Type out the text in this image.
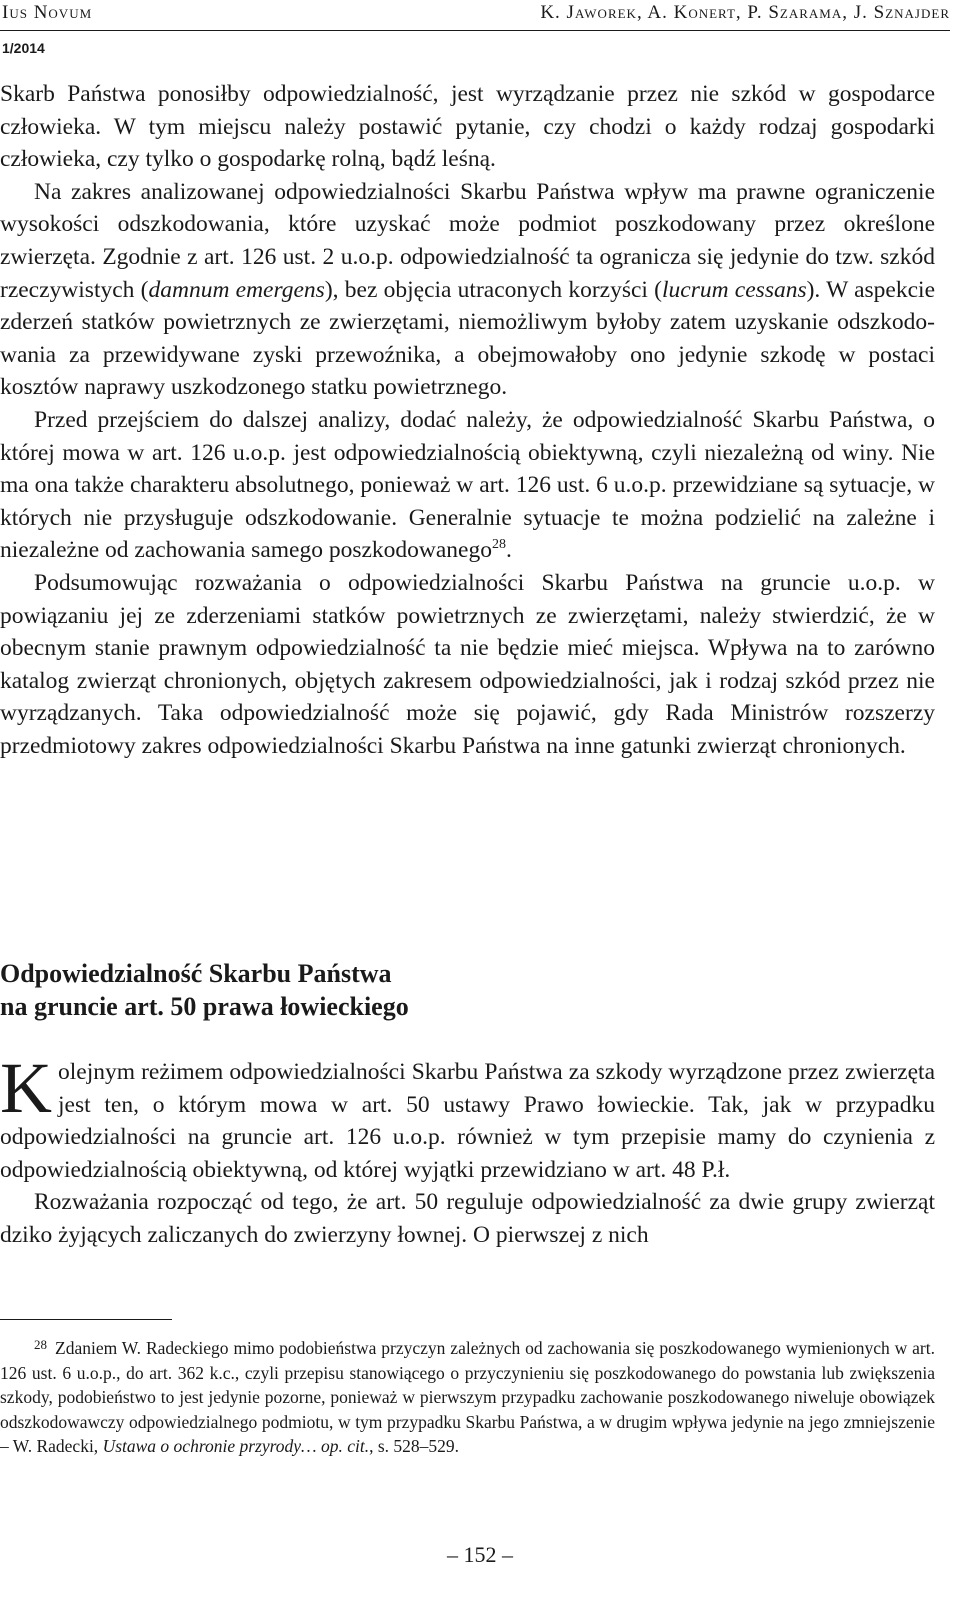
Ius Novum	K. Jaworek, A. Konert, P. Szarama, J. Sznajder
1/2014

Skarb Państwa ponosiłby odpowiedzialność, jest wyrządzanie przez nie szkód w gospodarce człowieka. W tym miejscu należy postawić pytanie, czy chodzi o każdy rodzaj gospodarki człowieka, czy tylko o gospodarkę rolną, bądź leśną.

Na zakres analizowanej odpowiedzialności Skarbu Państwa wpływ ma prawne ograniczenie wysokości odszkodowania, które uzyskać może podmiot poszkodowany przez określone zwierzęta. Zgodnie z art. 126 ust. 2 u.o.p. odpowiedzialność ta ogranicza się jedynie do tzw. szkód rzeczywistych (damnum emergens), bez objęcia utraconych korzyści (lucrum cessans). W aspekcie zderzeń statków powietrznych ze zwierzętami, niemożliwym byłoby zatem uzyskanie odszkodowania za przewidywane zyski przewoźnika, a obejmowałoby ono jedynie szkodę w postaci kosztów naprawy uszkodzonego statku powietrznego.

Przed przejściem do dalszej analizy, dodać należy, że odpowiedzialność Skarbu Państwa, o której mowa w art. 126 u.o.p. jest odpowiedzialnością obiektywną, czyli niezależną od winy. Nie ma ona także charakteru absolutnego, ponieważ w art. 126 ust. 6 u.o.p. przewidziane są sytuacje, w których nie przysługuje odszkodowanie. Generalnie sytuacje te można podzielić na zależne i niezależne od zachowania samego poszkodowanego$^{28}$.

Podsumowując rozważania o odpowiedzialności Skarbu Państwa na gruncie u.o.p. w powiązaniu jej ze zderzeniami statków powietrznych ze zwierzętami, należy stwierdzić, że w obecnym stanie prawnym odpowiedzialność ta nie będzie mieć miejsca. Wpływa na to zarówno katalog zwierząt chronionych, objętych zakresem odpowiedzialności, jak i rodzaj szkód przez nie wyrządzanych. Taka odpowiedzialność może się pojawić, gdy Rada Ministrów rozszerzy przedmiotowy zakres odpowiedzialności Skarbu Państwa na inne gatunki zwierząt chronionych.

Odpowiedzialność Skarbu Państwa
na gruncie art. 50 prawa łowieckiego

Kolejnym reżimem odpowiedzialności Skarbu Państwa za szkody wyrządzone przez zwierzęta jest ten, o którym mowa w art. 50 ustawy Prawo łowieckie. Tak, jak w przypadku odpowiedzialności na gruncie art. 126 u.o.p. również w tym przepisie mamy do czynienia z odpowiedzialnością obiektywną, od której wyjątki przewidziano w art. 48 P.ł.

Rozważania rozpocząć od tego, że art. 50 reguluje odpowiedzialność za dwie grupy zwierząt dziko żyjących zaliczanych do zwierzyny łownej. O pierwszej z nich

$^{28}$ Zdaniem W. Radeckiego mimo podobieństwa przyczyn zależnych od zachowania się poszkodowanego wymienionych w art. 126 ust. 6 u.o.p., do art. 362 k.c., czyli przepisu stanowiącego o przyczynieniu się poszkodowanego do powstania lub zwiększenia szkody, podobieństwo to jest jedynie pozorne, ponieważ w pierwszym przypadku zachowanie poszkodowanego niweluje obowiązek odszkodowawczy odpowiedzialnego podmiotu, w tym przypadku Skarbu Państwa, a w drugim wpływa jedynie na jego zmniejszenie – W. Radecki, Ustawa o ochronie przyrody… op. cit., s. 528–529.

– 152 –
